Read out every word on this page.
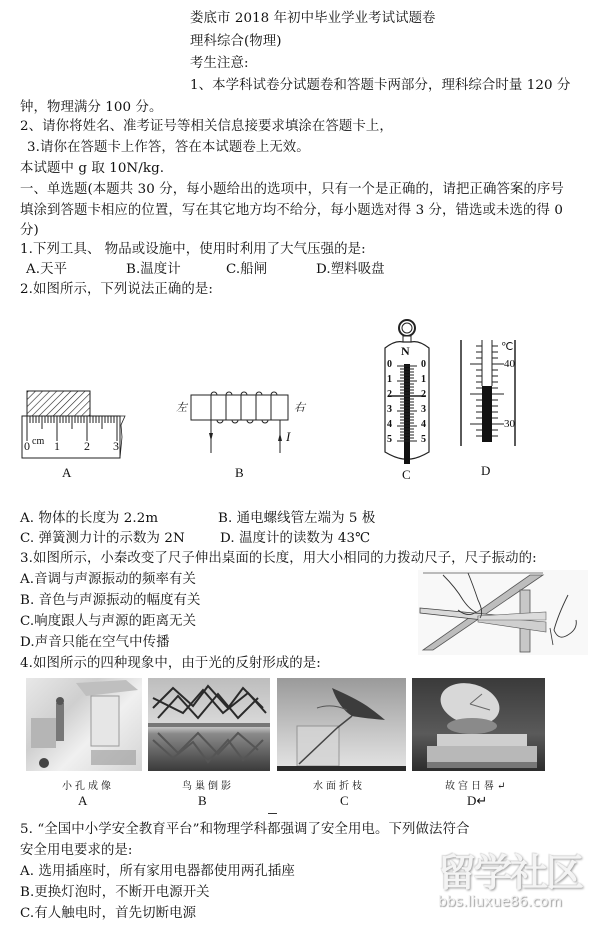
娄底市 2018 年初中毕业学业考试试题卷
理科综合(物理)
考生注意:
1、本学科试卷分试题卷和答题卡两部分，理科综合时量 120 分
钟，物理满分 100 分。
2、请你将姓名、准考证号等相关信息接要求填涂在答题卡上，
3.请你在答题卡上作答，答在本试题卷上无效。
本试题中 g 取 10N/kg.
一、单选题(本题共 30 分，每小题给出的选项中，只有一个是正确的，请把正确答案的序号
填涂到答题卡相应的位置，写在其它地方均不给分，每小题选对得 3 分，错选或未选的得 0
分)
1.下列工具、 物品或设施中，使用时利用了大气压强的是:
A.天平	B.温度计	C.船闸	D.塑料吸盘
2.如图所示，下列说法正确的是:
0 cm 1 2 3
A
左	右
I
B
N
0	0
1	1
2	2
3	3
4	4
5	5
C
℃
40
30
D
A. 物体的长度为 2.2m	B. 通电螺线管左端为 5 极
C. 弹簧测力计的示数为 2N	D. 温度计的读数为 43℃
3.如图所示，小秦改变了尺子伸出桌面的长度，用大小相同的力拨动尺子，尺子振动的:
A.音调与声源振动的频率有关
B. 音色与声源振动的幅度有关
C.响度跟人与声源的距离无关
D.声音只能在空气中传播
4.如图所示的四种现象中，由于光的反射形成的是:
小孔成像	鸟巢倒影	水面折枝	故宫日晷↵
A	B	C	D↵
5. “全国中小学安全教育平台”和物理学科都强调了安全用电。下列做法符合
安全用电要求的是:
A. 选用插座时，所有家用电器都使用两孔插座
B.更换灯泡时，不断开电源开关
C.有人触电时，首先切断电源
留学社区
bbs.liuxue86.com
